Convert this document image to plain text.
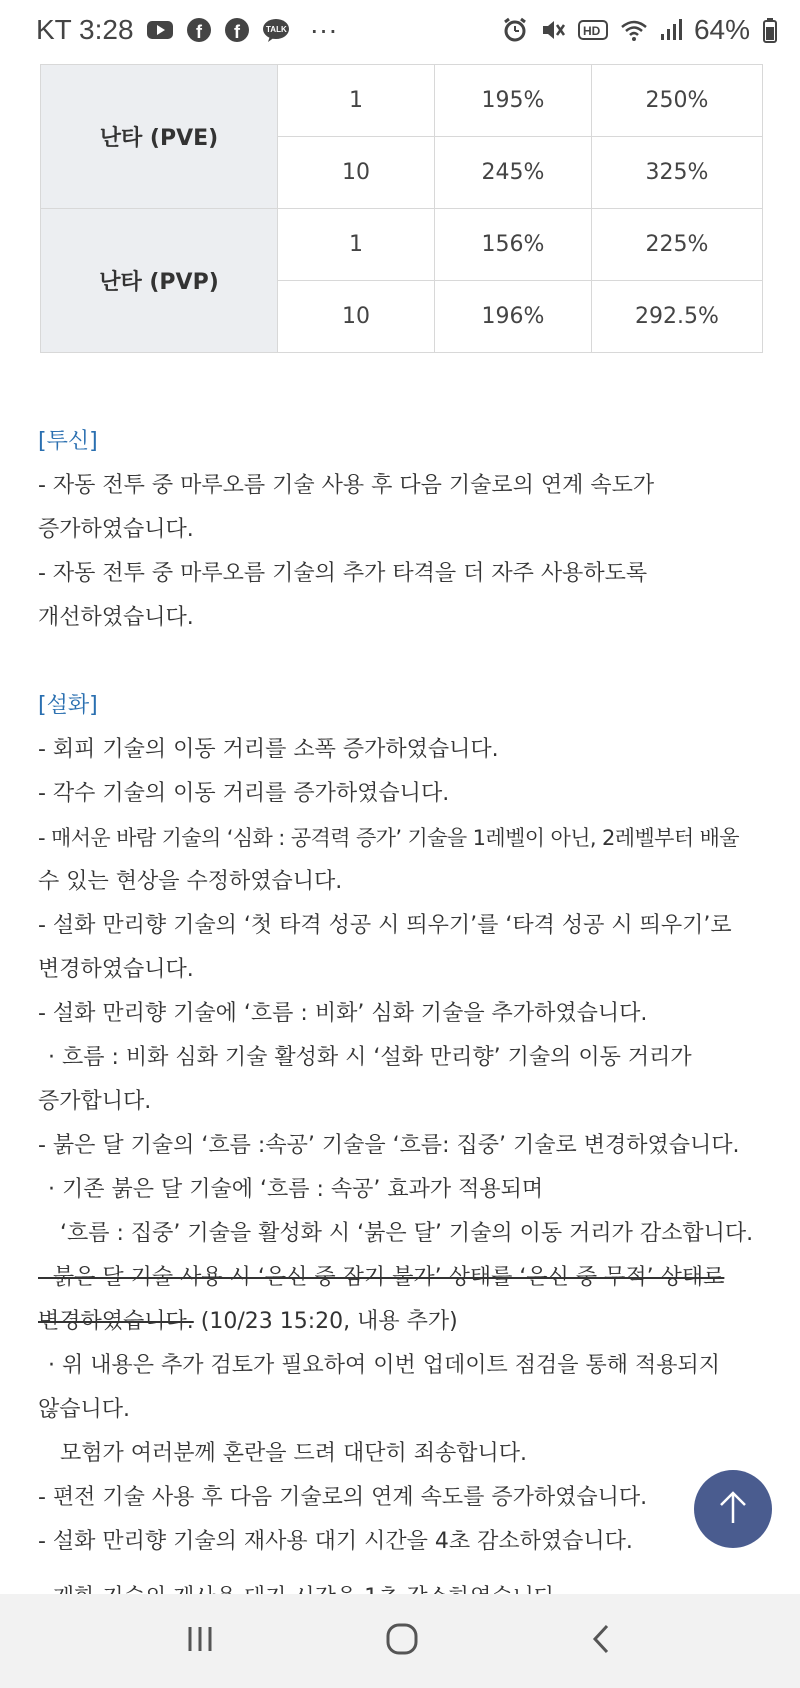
KT 3:28	f f	TALK ···	HD	64%
난타 (PVE)	1	195%	250%
	10	245%	325%
난타 (PVP)	1	156%	225%
	10	196%	292.5%
[투신]
- 자동 전투 중 마루오름 기술 사용 후 다음 기술로의 연계 속도가
증가하였습니다.
- 자동 전투 중 마루오름 기술의 추가 타격을 더 자주 사용하도록
개선하였습니다.
[설화]
- 회피 기술의 이동 거리를 소폭 증가하였습니다.
- 각수 기술의 이동 거리를 증가하였습니다.
- 매서운 바람 기술의 ‘심화 : 공격력 증가’ 기술을 1레벨이 아닌, 2레벨부터 배울
수 있는 현상을 수정하였습니다.
- 설화 만리향 기술의 ‘첫 타격 성공 시 띄우기’를 ‘타격 성공 시 띄우기’로
변경하였습니다.
- 설화 만리향 기술에 ‘흐름 : 비화’ 심화 기술을 추가하였습니다.
· 흐름 : 비화 심화 기술 활성화 시 ‘설화 만리향’ 기술의 이동 거리가
증가합니다.
- 붉은 달 기술의 ‘흐름 :속공’ 기술을 ‘흐름: 집중’ 기술로 변경하였습니다.
· 기존 붉은 달 기술에 ‘흐름 : 속공’ 효과가 적용되며
‘흐름 : 집중’ 기술을 활성화 시 ‘붉은 달’ 기술의 이동 거리가 감소합니다.
- 붉은 달 기술 사용 시 ‘은신 중 잠기 불가’ 상태를 ‘은신 중 무적’ 상태로
변경하였습니다. (10/23 15:20, 내용 추가)
· 위 내용은 추가 검토가 필요하여 이번 업데이트 점검을 통해 적용되지
않습니다.
모험가 여러분께 혼란을 드려 대단히 죄송합니다.
- 편전 기술 사용 후 다음 기술로의 연계 속도를 증가하였습니다.
- 설화 만리향 기술의 재사용 대기 시간을 4초 감소하였습니다.
